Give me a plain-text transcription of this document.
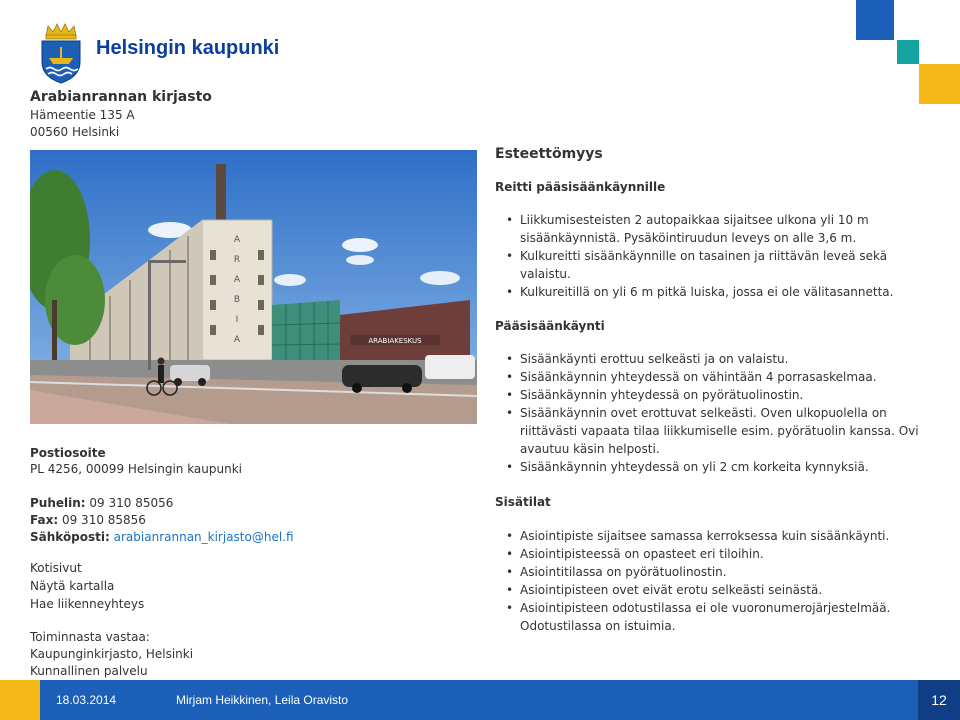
Helsingin kaupunki
Arabianrannan kirjasto
Hämeentie 135 A
00560 Helsinki
A
R
A
B
I
A	ARABIAKESKUS
Postiosoite
PL 4256, 00099 Helsingin kaupunki
Puhelin: 09 310 85056
Fax: 09 310 85856
Sähköposti: arabianrannan_kirjasto@hel.fi
Kotisivut
Näytä kartalla
Hae liikenneyhteys
Toiminnasta vastaa:
Kaupunginkirjasto, Helsinki
Kunnallinen palvelu
Esteettömyys
Reitti pääsisäänkäynnille
• Liikkumisesteisten 2 autopaikkaa sijaitsee ulkona yli 10 m sisäänkäynnistä. Pysäköintiruudun leveys on alle 3,6 m.
• Kulkureitti sisäänkäynnille on tasainen ja riittävän leveä sekä valaistu.
• Kulkureitillä on yli 6 m pitkä luiska, jossa ei ole välitasannetta.
Pääsisäänkäynti
• Sisäänkäynti erottuu selkeästi ja on valaistu.
• Sisäänkäynnin yhteydessä on vähintään 4 porrasaskelmaa.
• Sisäänkäynnin yhteydessä on pyörätuolinostin.
• Sisäänkäynnin ovet erottuvat selkeästi. Oven ulkopuolella on riittävästi vapaata tilaa liikkumiselle esim. pyörätuolin kanssa. Ovi avautuu käsin helposti.
• Sisäänkäynnin yhteydessä on yli 2 cm korkeita kynnyksiä.
Sisätilat
• Asiointipiste sijaitsee samassa kerroksessa kuin sisäänkäynti.
• Asiointipisteessä on opasteet eri tiloihin.
• Asiointitilassa on pyörätuolinostin.
• Asiointipisteen ovet eivät erotu selkeästi seinästä.
• Asiointipisteen odotustilassa ei ole vuoronumerojärjestelmää. Odotustilassa on istuimia.
18.03.2014	Mirjam Heikkinen, Leila Oravisto	12
